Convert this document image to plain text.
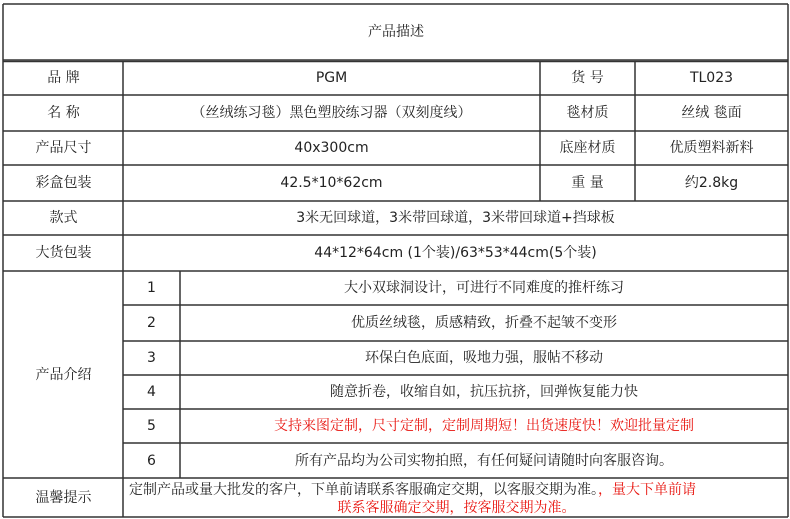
产品描述
品 牌	PGM	货 号	TL023
名 称	（丝绒练习毯）黑色塑胶练习器（双刻度线）	毯材质	丝绒 毯面
产品尺寸	40x300cm	底座材质	优质塑料新料
彩盒包装	42.5*10*62cm	重 量	约2.8kg
款式	3米无回球道，3米带回球道，3米带回球道+挡球板
大货包装	44*12*64cm (1个装)/63*53*44cm(5个装)
产品介绍
1	大小双球洞设计，可进行不同难度的推杆练习
2	优质丝绒毯，质感精致，折叠不起皱不变形
3	环保白色底面，吸地力强，服帖不移动
4	随意折卷，收缩自如，抗压抗挤，回弹恢复能力快
5	支持来图定制，尺寸定制，定制周期短！出货速度快！欢迎批量定制
6	所有产品均为公司实物拍照，有任何疑问请随时向客服咨询。
温馨提示	定制产品或量大批发的客户，下单前请联系客服确定交期，以客服交期为准。，量大下单前请
联系客服确定交期，按客服交期为准。
